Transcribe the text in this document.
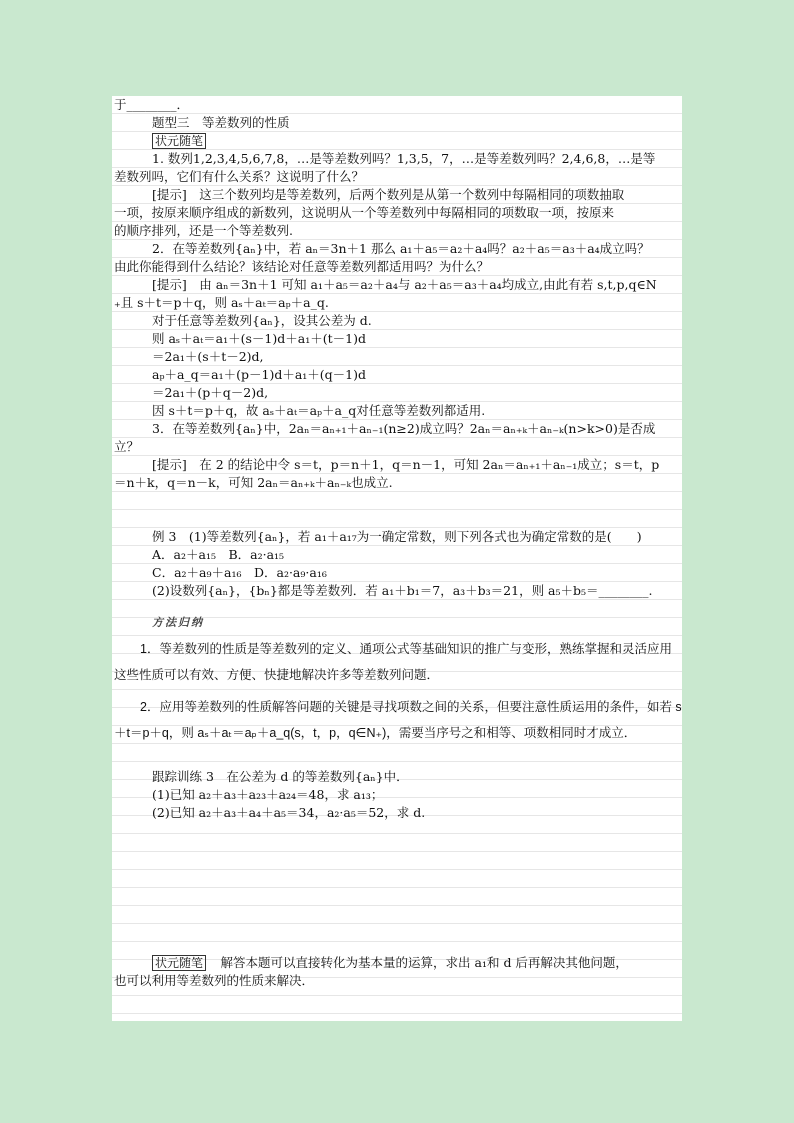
于________．
题型三　等差数列的性质
状元随笔
1. 数列1,2,3,4,5,6,7,8，…是等差数列吗？1,3,5，7，…是等差数列吗？2,4,6,8，…是等
差数列吗，它们有什么关系？这说明了什么？
[提示]　这三个数列均是等差数列，后两个数列是从第一个数列中每隔相同的项数抽取
一项，按原来顺序组成的新数列，这说明从一个等差数列中每隔相同的项数取一项，按原来
的顺序排列，还是一个等差数列.
2．在等差数列{aₙ}中，若 aₙ＝3n＋1 那么 a₁＋a₅＝a₂＋a₄吗？a₂＋a₅＝a₃＋a₄成立吗？
由此你能得到什么结论？该结论对任意等差数列都适用吗？为什么？
[提示]　由 aₙ＝3n＋1 可知 a₁＋a₅＝a₂＋a₄与 a₂＋a₅＝a₃＋a₄均成立,由此有若 s,t,p,q∈N
₊且 s＋t＝p＋q，则 aₛ＋aₜ＝aₚ＋a_q.
对于任意等差数列{aₙ}，设其公差为 d.
则 aₛ＋aₜ＝a₁＋(s－1)d＋a₁＋(t－1)d
＝2a₁＋(s＋t－2)d,
aₚ＋a_q＝a₁＋(p－1)d＋a₁＋(q－1)d
＝2a₁＋(p＋q－2)d,
因 s＋t＝p＋q，故 aₛ＋aₜ＝aₚ＋a_q对任意等差数列都适用.
3．在等差数列{aₙ}中，2aₙ＝aₙ₊₁＋aₙ₋₁(n≥2)成立吗？2aₙ＝aₙ₊ₖ＋aₙ₋ₖ(n>k>0)是否成
立？
[提示]　在 2 的结论中令 s＝t，p＝n＋1，q＝n－1，可知 2aₙ＝aₙ₊₁＋aₙ₋₁成立；s＝t，p
＝n＋k，q＝n－k，可知 2aₙ＝aₙ₊ₖ＋aₙ₋ₖ也成立.
例 3　(1)等差数列{aₙ}，若 a₁＋a₁₇为一确定常数，则下列各式也为确定常数的是(　　)
A．a₂＋a₁₅　B．a₂·a₁₅
C．a₂＋a₉＋a₁₆　D．a₂·a₉·a₁₆
(2)设数列{aₙ}，{bₙ}都是等差数列．若 a₁＋b₁＝7，a₃＋b₃＝21，则 a₅＋b₅＝________.
方法归纳

1．等差数列的性质是等差数列的定义、通项公式等基础知识的推广与变形，熟练掌握和灵活应用这些性质可以有效、方便、快捷地解决许多等差数列问题．

2．应用等差数列的性质解答问题的关键是寻找项数之间的关系，但要注意性质运用的条件，如若 s＋t＝p＋q，则 aₛ＋aₜ＝aₚ＋a_q(s，t，p，q∈N₊)，需要当序号之和相等、项数相同时才成立．

跟踪训练 3　在公差为 d 的等差数列{aₙ}中．
(1)已知 a₂＋a₃＋a₂₃＋a₂₄＝48，求 a₁₃；
(2)已知 a₂＋a₃＋a₄＋a₅＝34，a₂·a₅＝52，求 d.
状元随笔　 解答本题可以直接转化为基本量的运算，求出 a₁和 d 后再解决其他问题，
也可以利用等差数列的性质来解决．
